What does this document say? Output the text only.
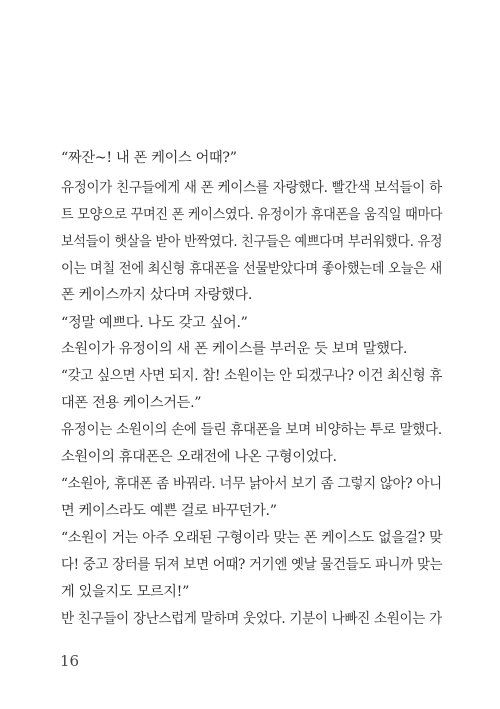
“짜잔~! 내 폰 케이스 어때?”
유정이가 친구들에게 새 폰 케이스를 자랑했다. 빨간색 보석들이 하
트 모양으로 꾸며진 폰 케이스였다. 유정이가 휴대폰을 움직일 때마다
보석들이 햇살을 받아 반짝였다. 친구들은 예쁘다며 부러워했다. 유정
이는 며칠 전에 최신형 휴대폰을 선물받았다며 좋아했는데 오늘은 새
폰 케이스까지 샀다며 자랑했다.
“정말 예쁘다. 나도 갖고 싶어.”
소원이가 유정이의 새 폰 케이스를 부러운 듯 보며 말했다.
“갖고 싶으면 사면 되지. 참! 소원이는 안 되겠구나? 이건 최신형 휴
대폰 전용 케이스거든.”
유정이는 소원이의 손에 들린 휴대폰을 보며 비양하는 투로 말했다.
소원이의 휴대폰은 오래전에 나온 구형이었다.
“소원아, 휴대폰 좀 바꿔라. 너무 낡아서 보기 좀 그렇지 않아? 아니
면 케이스라도 예쁜 걸로 바꾸던가.”
“소원이 거는 아주 오래된 구형이라 맞는 폰 케이스도 없을걸? 맞
다! 중고 장터를 뒤져 보면 어때? 거기엔 옛날 물건들도 파니까 맞는
게 있을지도 모르지!”
반 친구들이 장난스럽게 말하며 웃었다. 기분이 나빠진 소원이는 가
16
